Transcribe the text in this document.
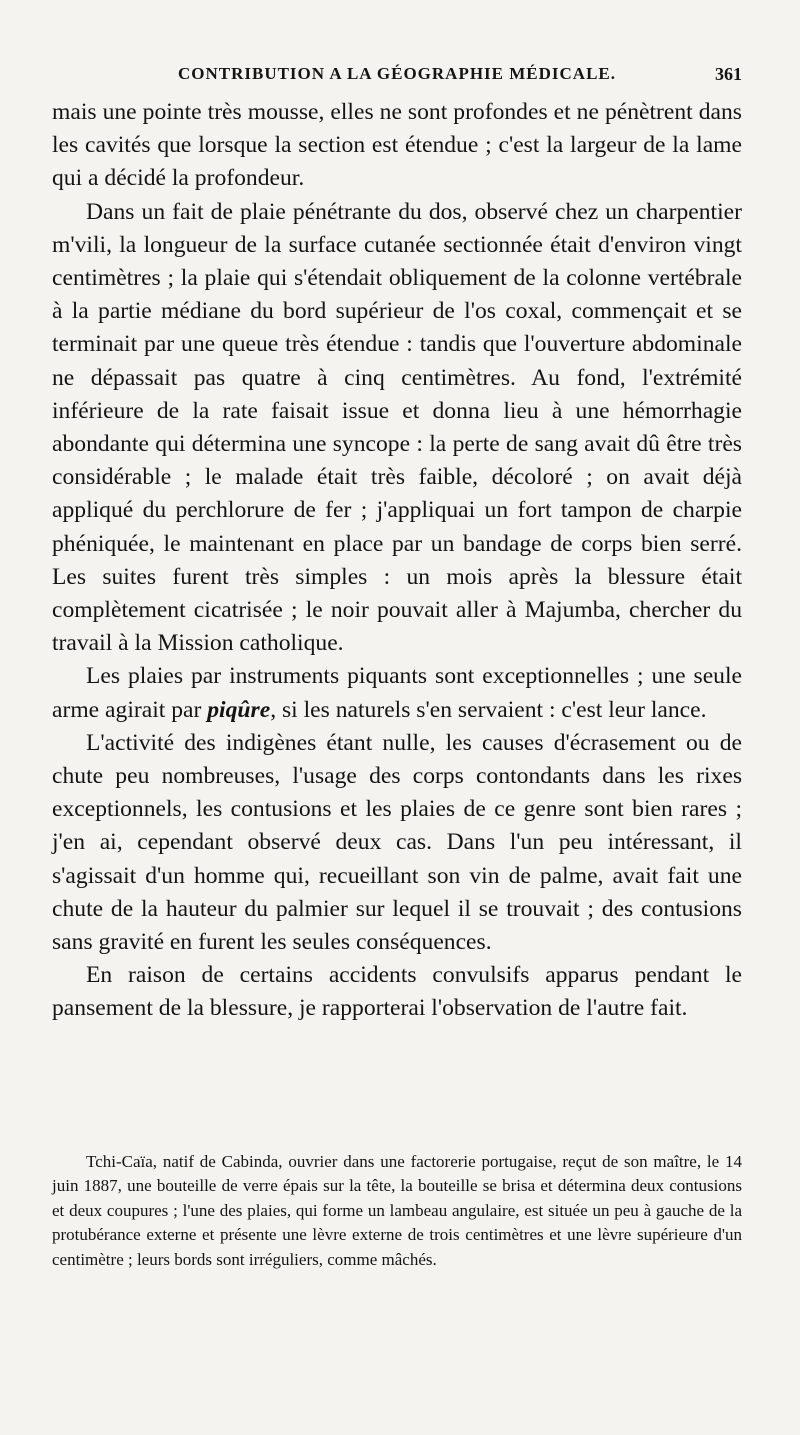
CONTRIBUTION A LA GÉOGRAPHIE MÉDICALE.	361

mais une pointe très mousse, elles ne sont profondes et ne pénètrent dans les cavités que lorsque la section est étendue ; c'est la largeur de la lame qui a décidé la profondeur.

Dans un fait de plaie pénétrante du dos, observé chez un charpentier m'vili, la longueur de la surface cutanée sectionnée était d'environ vingt centimètres ; la plaie qui s'étendait obliquement de la colonne vertébrale à la partie médiane du bord supérieur de l'os coxal, commençait et se terminait par une queue très étendue : tandis que l'ouverture abdominale ne dépassait pas quatre à cinq centimètres. Au fond, l'extrémité inférieure de la rate faisait issue et donna lieu à une hémorrhagie abondante qui détermina une syncope : la perte de sang avait dû être très considérable ; le malade était très faible, décoloré ; on avait déjà appliqué du perchlorure de fer ; j'appliquai un fort tampon de charpie phéniquée, le maintenant en place par un bandage de corps bien serré. Les suites furent très simples : un mois après la blessure était complètement cicatrisée ; le noir pouvait aller à Majumba, chercher du travail à la Mission catholique.

Les plaies par instruments piquants sont exceptionnelles ; une seule arme agirait par piqûre, si les naturels s'en servaient : c'est leur lance.

L'activité des indigènes étant nulle, les causes d'écrasement ou de chute peu nombreuses, l'usage des corps contondants dans les rixes exceptionnels, les contusions et les plaies de ce genre sont bien rares ; j'en ai, cependant observé deux cas. Dans l'un peu intéressant, il s'agissait d'un homme qui, recueillant son vin de palme, avait fait une chute de la hauteur du palmier sur lequel il se trouvait ; des contusions sans gravité en furent les seules conséquences.

En raison de certains accidents convulsifs apparus pendant le pansement de la blessure, je rapporterai l'observation de l'autre fait.

Tchi-Caïa, natif de Cabinda, ouvrier dans une factorerie portugaise, reçut de son maître, le 14 juin 1887, une bouteille de verre épais sur la tête, la bouteille se brisa et détermina deux contusions et deux coupures ; l'une des plaies, qui forme un lambeau angulaire, est située un peu à gauche de la protubérance externe et présente une lèvre externe de trois centimètres et une lèvre supérieure d'un centimètre ; leurs bords sont irréguliers, comme mâchés.
